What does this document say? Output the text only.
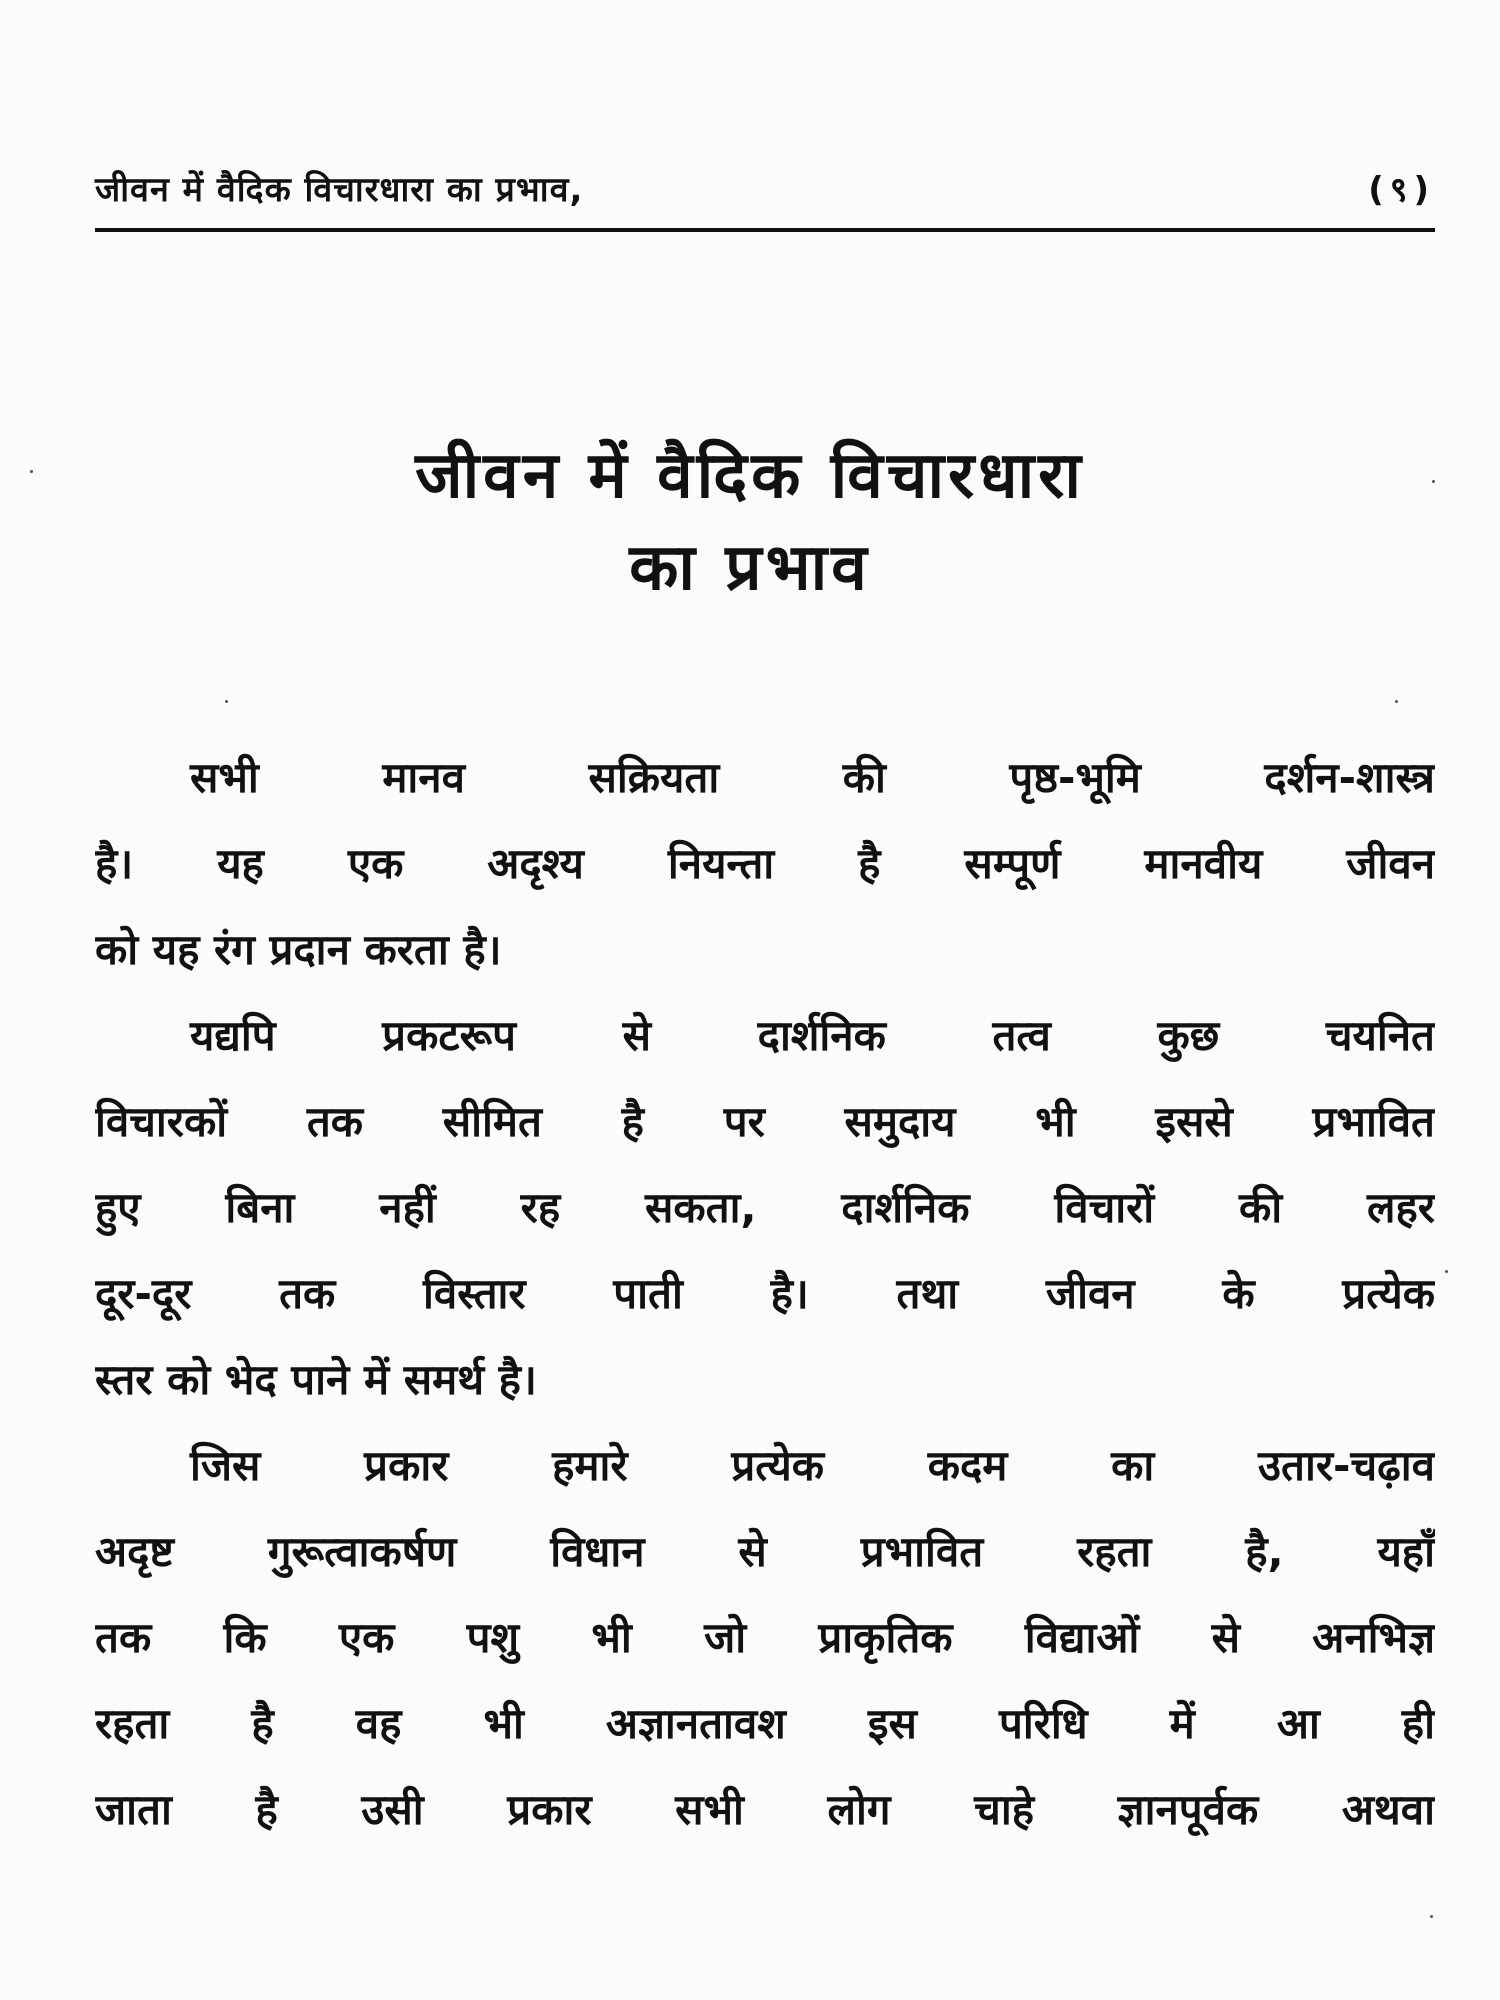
जीवन में वैदिक विचारधारा का प्रभाव,	(९)
जीवन में वैदिक विचारधारा
का प्रभाव
सभी मानव सक्रियता की पृष्ठ-भूमि दर्शन-शास्त्र
है। यह एक अदृश्य नियन्ता है सम्पूर्ण मानवीय जीवन
को यह रंग प्रदान करता है।
यद्यपि प्रकटरूप से दार्शनिक तत्व कुछ चयनित
विचारकों तक सीमित है पर समुदाय भी इससे प्रभावित
हुए बिना नहीं रह सकता, दार्शनिक विचारों की लहर
दूर-दूर तक विस्तार पाती है। तथा जीवन के प्रत्येक
स्तर को भेद पाने में समर्थ है।
जिस प्रकार हमारे प्रत्येक कदम का उतार-चढ़ाव
अदृष्ट गुरूत्वाकर्षण विधान से प्रभावित रहता है, यहाँ
तक कि एक पशु भी जो प्राकृतिक विद्याओं से अनभिज्ञ
रहता है वह भी अज्ञानतावश इस परिधि में आ ही
जाता है उसी प्रकार सभी लोग चाहे ज्ञानपूर्वक अथवा
